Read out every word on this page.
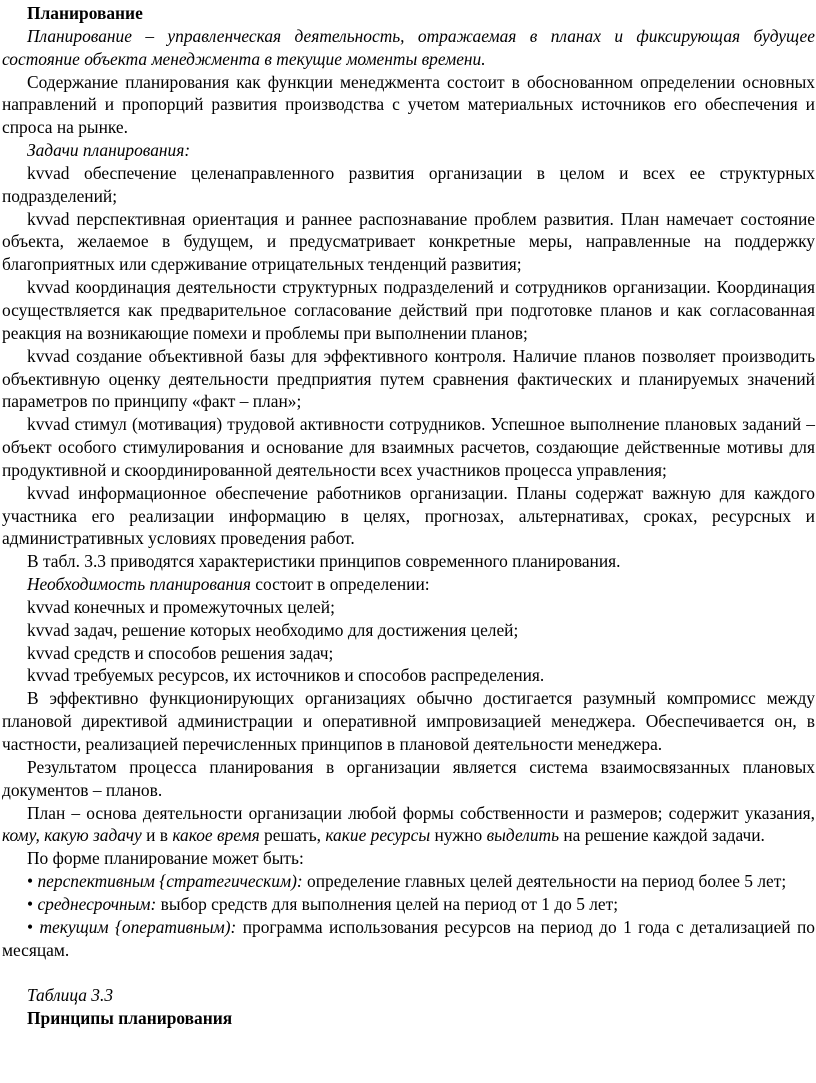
Планирование

Планирование – управленческая деятельность, отражаемая в планах и фиксирующая будущее состояние объекта менеджмента в текущие моменты времени.

Содержание планирования как функции менеджмента состоит в обоснованном определении основных направлений и пропорций развития производства с учетом материальных источников его обеспечения и спроса на рынке.

Задачи планирования:

kvvad обеспечение целенаправленного развития организации в целом и всех ее структурных подразделений;

kvvad перспективная ориентация и раннее распознавание проблем развития. План намечает состояние объекта, желаемое в будущем, и предусматривает конкретные меры, направленные на поддержку благоприятных или сдерживание отрицательных тенденций развития;

kvvad координация деятельности структурных подразделений и сотрудников организации. Координация осуществляется как предварительное согласование действий при подготовке планов и как согласованная реакция на возникающие помехи и проблемы при выполнении планов;

kvvad создание объективной базы для эффективного контроля. Наличие планов позволяет производить объективную оценку деятельности предприятия путем сравнения фактических и планируемых значений параметров по принципу «факт – план»;

kvvad стимул (мотивация) трудовой активности сотрудников. Успешное выполнение плановых заданий – объект особого стимулирования и основание для взаимных расчетов, создающие действенные мотивы для продуктивной и скоординированной деятельности всех участников процесса управления;

kvvad информационное обеспечение работников организации. Планы содержат важную для каждого участника его реализации информацию в целях, прогнозах, альтернативах, сроках, ресурсных и административных условиях проведения работ.

В табл. 3.3 приводятся характеристики принципов современного планирования.

Необходимость планирования состоит в определении:

kvvad конечных и промежуточных целей;

kvvad задач, решение которых необходимо для достижения целей;

kvvad средств и способов решения задач;

kvvad требуемых ресурсов, их источников и способов распределения.

В эффективно функционирующих организациях обычно достигается разумный компромисс между плановой директивой администрации и оперативной импровизацией менеджера. Обеспечивается он, в частности, реализацией перечисленных принципов в плановой деятельности менеджера.

Результатом процесса планирования в организации является система взаимосвязанных плановых документов – планов.

План – основа деятельности организации любой формы собственности и размеров; содержит указания, кому, какую задачу и в какое время решать, какие ресурсы нужно выделить на решение каждой задачи.

По форме планирование может быть:

• перспективным {стратегическим): определение главных целей деятельности на период более 5 лет;

• среднесрочным: выбор средств для выполнения целей на период от 1 до 5 лет;

• текущим {оперативным): программа использования ресурсов на период до 1 года с детализацией по месяцам.

Таблица 3.3

Принципы планирования
